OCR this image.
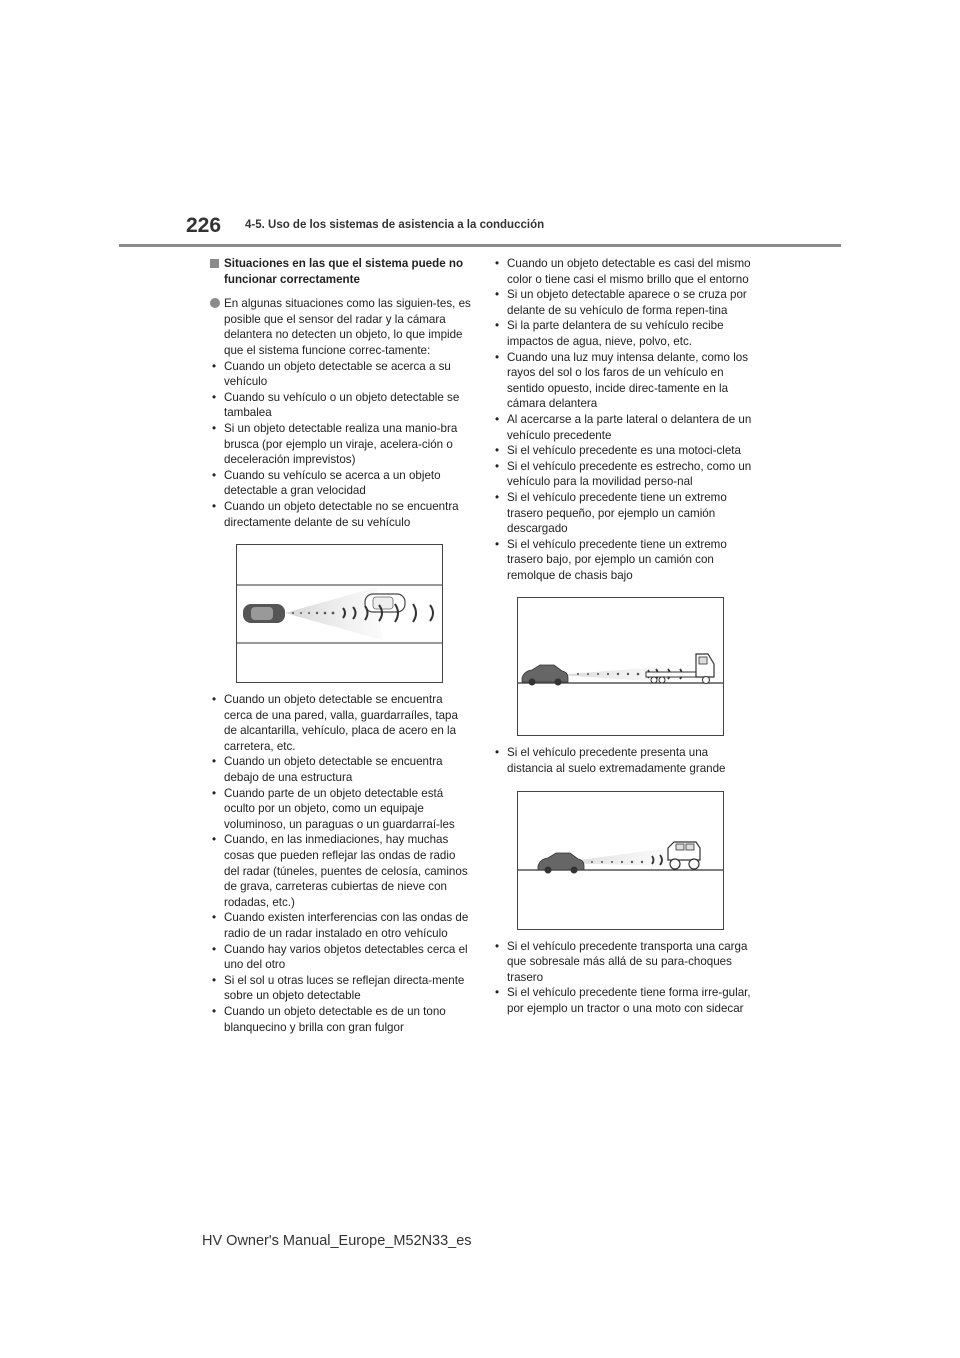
226 4-5. Uso de los sistemas de asistencia a la conducción
Situaciones en las que el sistema puede no funcionar correctamente
En algunas situaciones como las siguien-tes, es posible que el sensor del radar y la cámara delantera no detecten un objeto, lo que impide que el sistema funcione correc-tamente:
• Cuando un objeto detectable se acerca a su vehículo
• Cuando su vehículo o un objeto detectable se tambalea
• Si un objeto detectable realiza una manio-bra brusca (por ejemplo un viraje, acelera-ción o deceleración imprevistos)
• Cuando su vehículo se acerca a un objeto detectable a gran velocidad
• Cuando un objeto detectable no se encuentra directamente delante de su vehículo
• Cuando un objeto detectable se encuentra cerca de una pared, valla, guardarraíles, tapa de alcantarilla, vehículo, placa de acero en la carretera, etc.
• Cuando un objeto detectable se encuentra debajo de una estructura
• Cuando parte de un objeto detectable está oculto por un objeto, como un equipaje voluminoso, un paraguas o un guardarraí-les
• Cuando, en las inmediaciones, hay muchas cosas que pueden reflejar las ondas de radio del radar (túneles, puentes de celosía, caminos de grava, carreteras cubiertas de nieve con rodadas, etc.)
• Cuando existen interferencias con las ondas de radio de un radar instalado en otro vehículo
• Cuando hay varios objetos detectables cerca el uno del otro
• Si el sol u otras luces se reflejan directa-mente sobre un objeto detectable
• Cuando un objeto detectable es de un tono blanquecino y brilla con gran fulgor
• Cuando un objeto detectable es casi del mismo color o tiene casi el mismo brillo que el entorno
• Si un objeto detectable aparece o se cruza por delante de su vehículo de forma repen-tina
• Si la parte delantera de su vehículo recibe impactos de agua, nieve, polvo, etc.
• Cuando una luz muy intensa delante, como los rayos del sol o los faros de un vehículo en sentido opuesto, incide direc-tamente en la cámara delantera
• Al acercarse a la parte lateral o delantera de un vehículo precedente
• Si el vehículo precedente es una motoci-cleta
• Si el vehículo precedente es estrecho, como un vehículo para la movilidad perso-nal
• Si el vehículo precedente tiene un extremo trasero pequeño, por ejemplo un camión descargado
• Si el vehículo precedente tiene un extremo trasero bajo, por ejemplo un camión con remolque de chasis bajo
• Si el vehículo precedente presenta una distancia al suelo extremadamente grande
• Si el vehículo precedente transporta una carga que sobresale más allá de su para-choques trasero
• Si el vehículo precedente tiene forma irre-gular, por ejemplo un tractor o una moto con sidecar
HV Owner's Manual_Europe_M52N33_es
